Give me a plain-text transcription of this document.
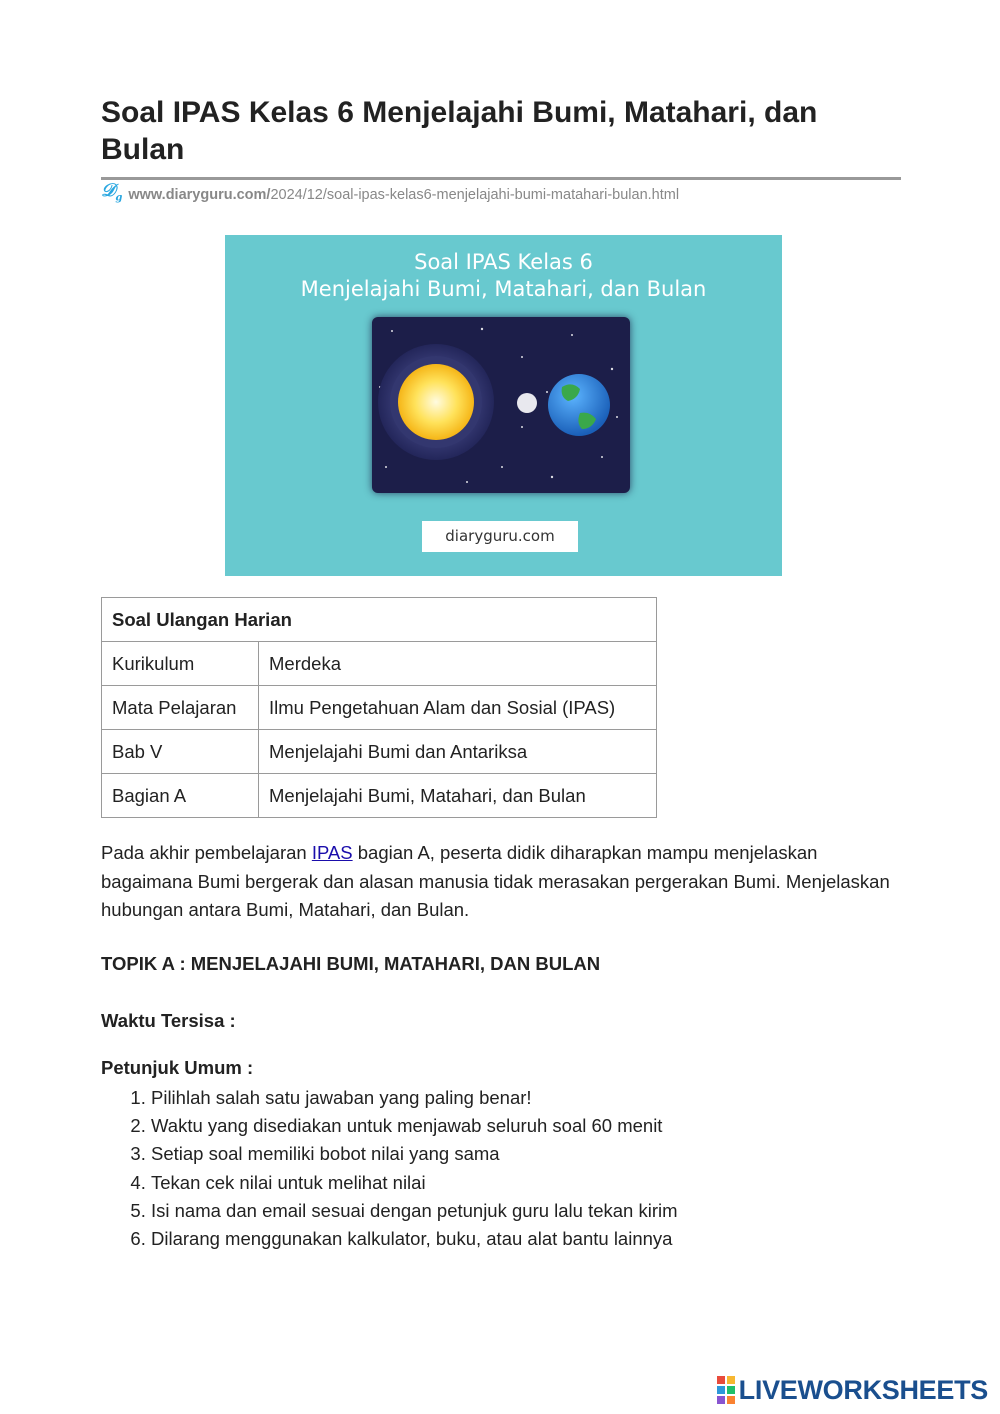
Soal IPAS Kelas 6 Menjelajahi Bumi, Matahari, dan Bulan
𝒟$_g$ www.diaryguru.com/ 2024/12/soal-ipas-kelas6-menjelajahi-bumi-matahari-bulan.html
Soal IPAS Kelas 6
Menjelajahi Bumi, Matahari, dan Bulan
diaryguru.com
Soal Ulangan Harian	
Kurikulum	Merdeka
Mata Pelajaran	Ilmu Pengetahuan Alam dan Sosial (IPAS)
Bab V	Menjelajahi Bumi dan Antariksa
Bagian A	Menjelajahi Bumi, Matahari, dan Bulan

Pada akhir pembelajaran IPAS bagian A, peserta didik diharapkan mampu menjelaskan bagaimana Bumi bergerak dan alasan manusia tidak merasakan pergerakan Bumi. Menjelaskan hubungan antara Bumi, Matahari, dan Bulan.

TOPIK A : MENJELAJAHI BUMI, MATAHARI, DAN BULAN

Waktu Tersisa :

Petunjuk Umum :

1. Pilihlah salah satu jawaban yang paling benar!
2. Waktu yang disediakan untuk menjawab seluruh soal 60 menit
3. Setiap soal memiliki bobot nilai yang sama
4. Tekan cek nilai untuk melihat nilai
5. Isi nama dan email sesuai dengan petunjuk guru lalu tekan kirim
6. Dilarang menggunakan kalkulator, buku, atau alat bantu lainnya
LIVEWORKSHEETS
